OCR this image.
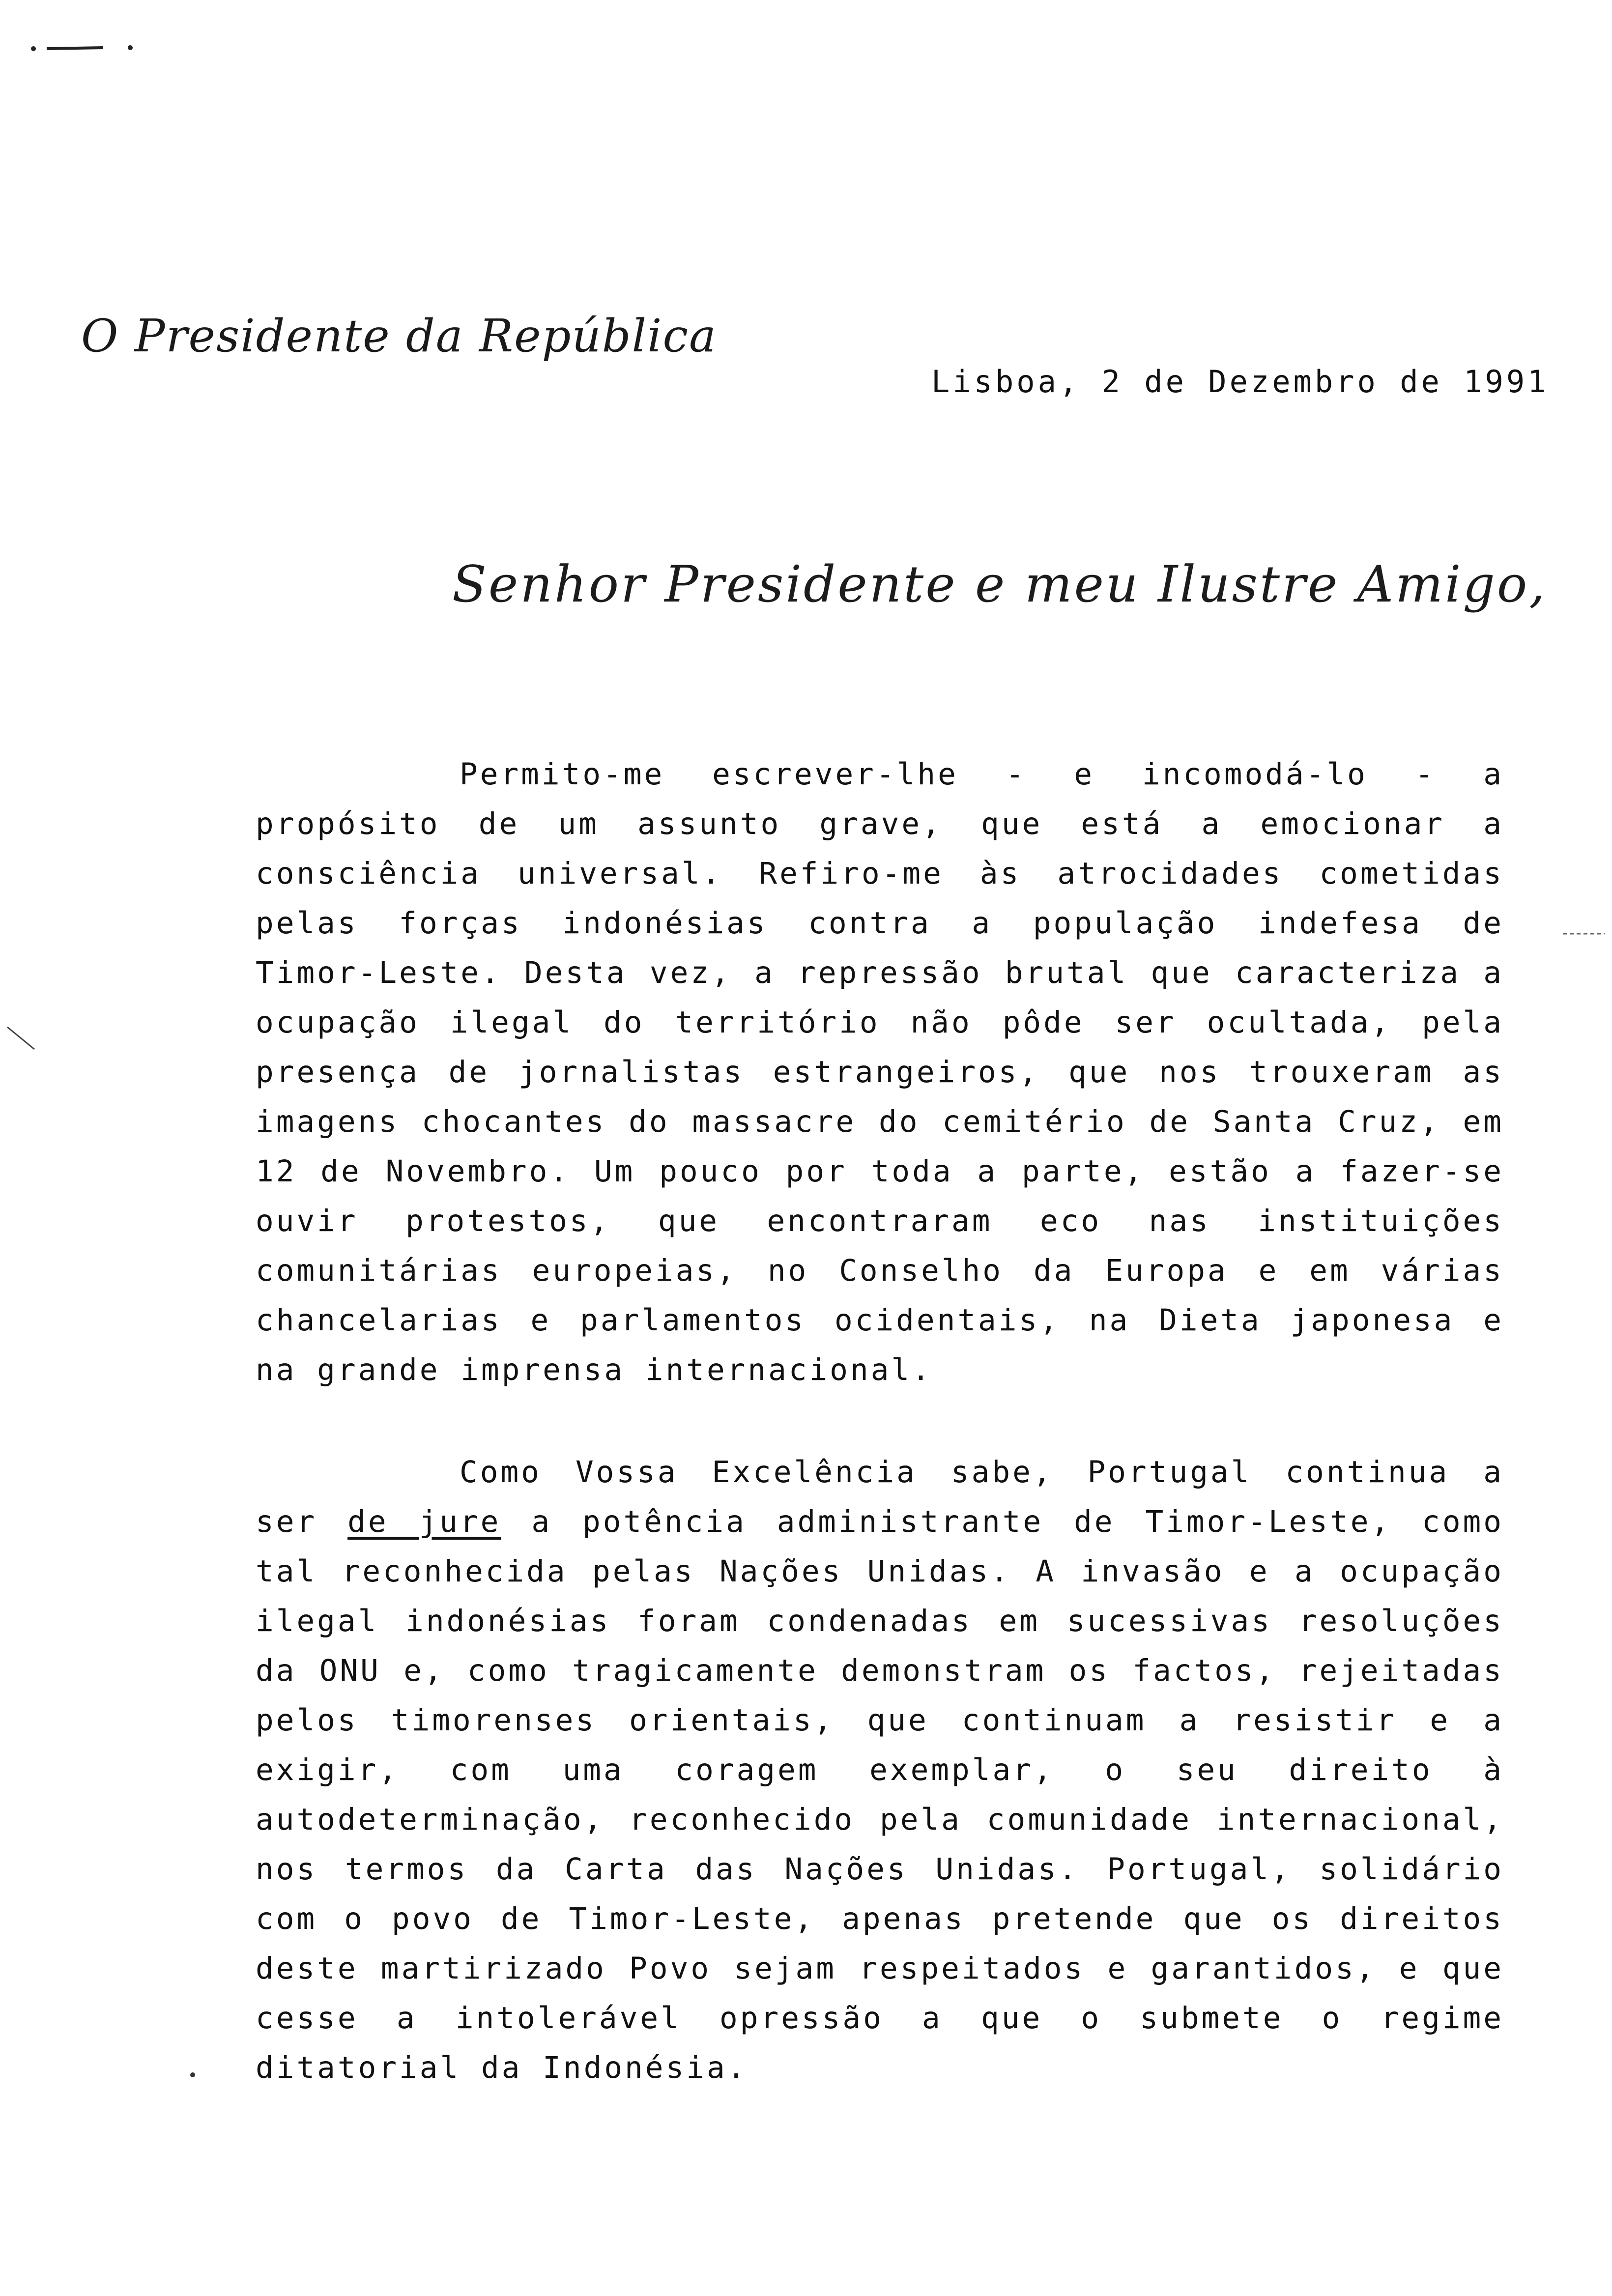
O Presidente da República
Lisboa, 2 de Dezembro de 1991
Senhor Presidente e meu Ilustre Amigo,
Permito-me escrever-lhe - e incomodá-lo - a propósito de um assunto grave, que está a emocionar a consciência universal. Refiro-me às atrocidades cometidas pelas forças indonésias contra a população indefesa de Timor-Leste. Desta vez, a repressão brutal que caracteriza a ocupação ilegal do território não pôde ser ocultada, pela presença de jornalistas estrangeiros, que nos trouxeram as imagens chocantes do massacre do cemitério de Santa Cruz, em 12 de Novembro. Um pouco por toda a parte, estão a fazer-se ouvir protestos, que encontraram eco nas instituições comunitárias europeias, no Conselho da Europa e em várias chancelarias e parlamentos ocidentais, na Dieta japonesa e na grande imprensa internacional.
Como Vossa Excelência sabe, Portugal continua a ser de jure a potência administrante de Timor-Leste, como tal reconhecida pelas Nações Unidas. A invasão e a ocupação ilegal indonésias foram condenadas em sucessivas resoluções da ONU e, como tragicamente demonstram os factos, rejeitadas pelos timorenses orientais, que continuam a resistir e a exigir, com uma coragem exemplar, o seu direito à autodeterminação, reconhecido pela comunidade internacional, nos termos da Carta das Nações Unidas. Portugal, solidário com o povo de Timor-Leste, apenas pretende que os direitos deste martirizado Povo sejam respeitados e garantidos, e que cesse a intolerável opressão a que o submete o regime ditatorial da Indonésia.
